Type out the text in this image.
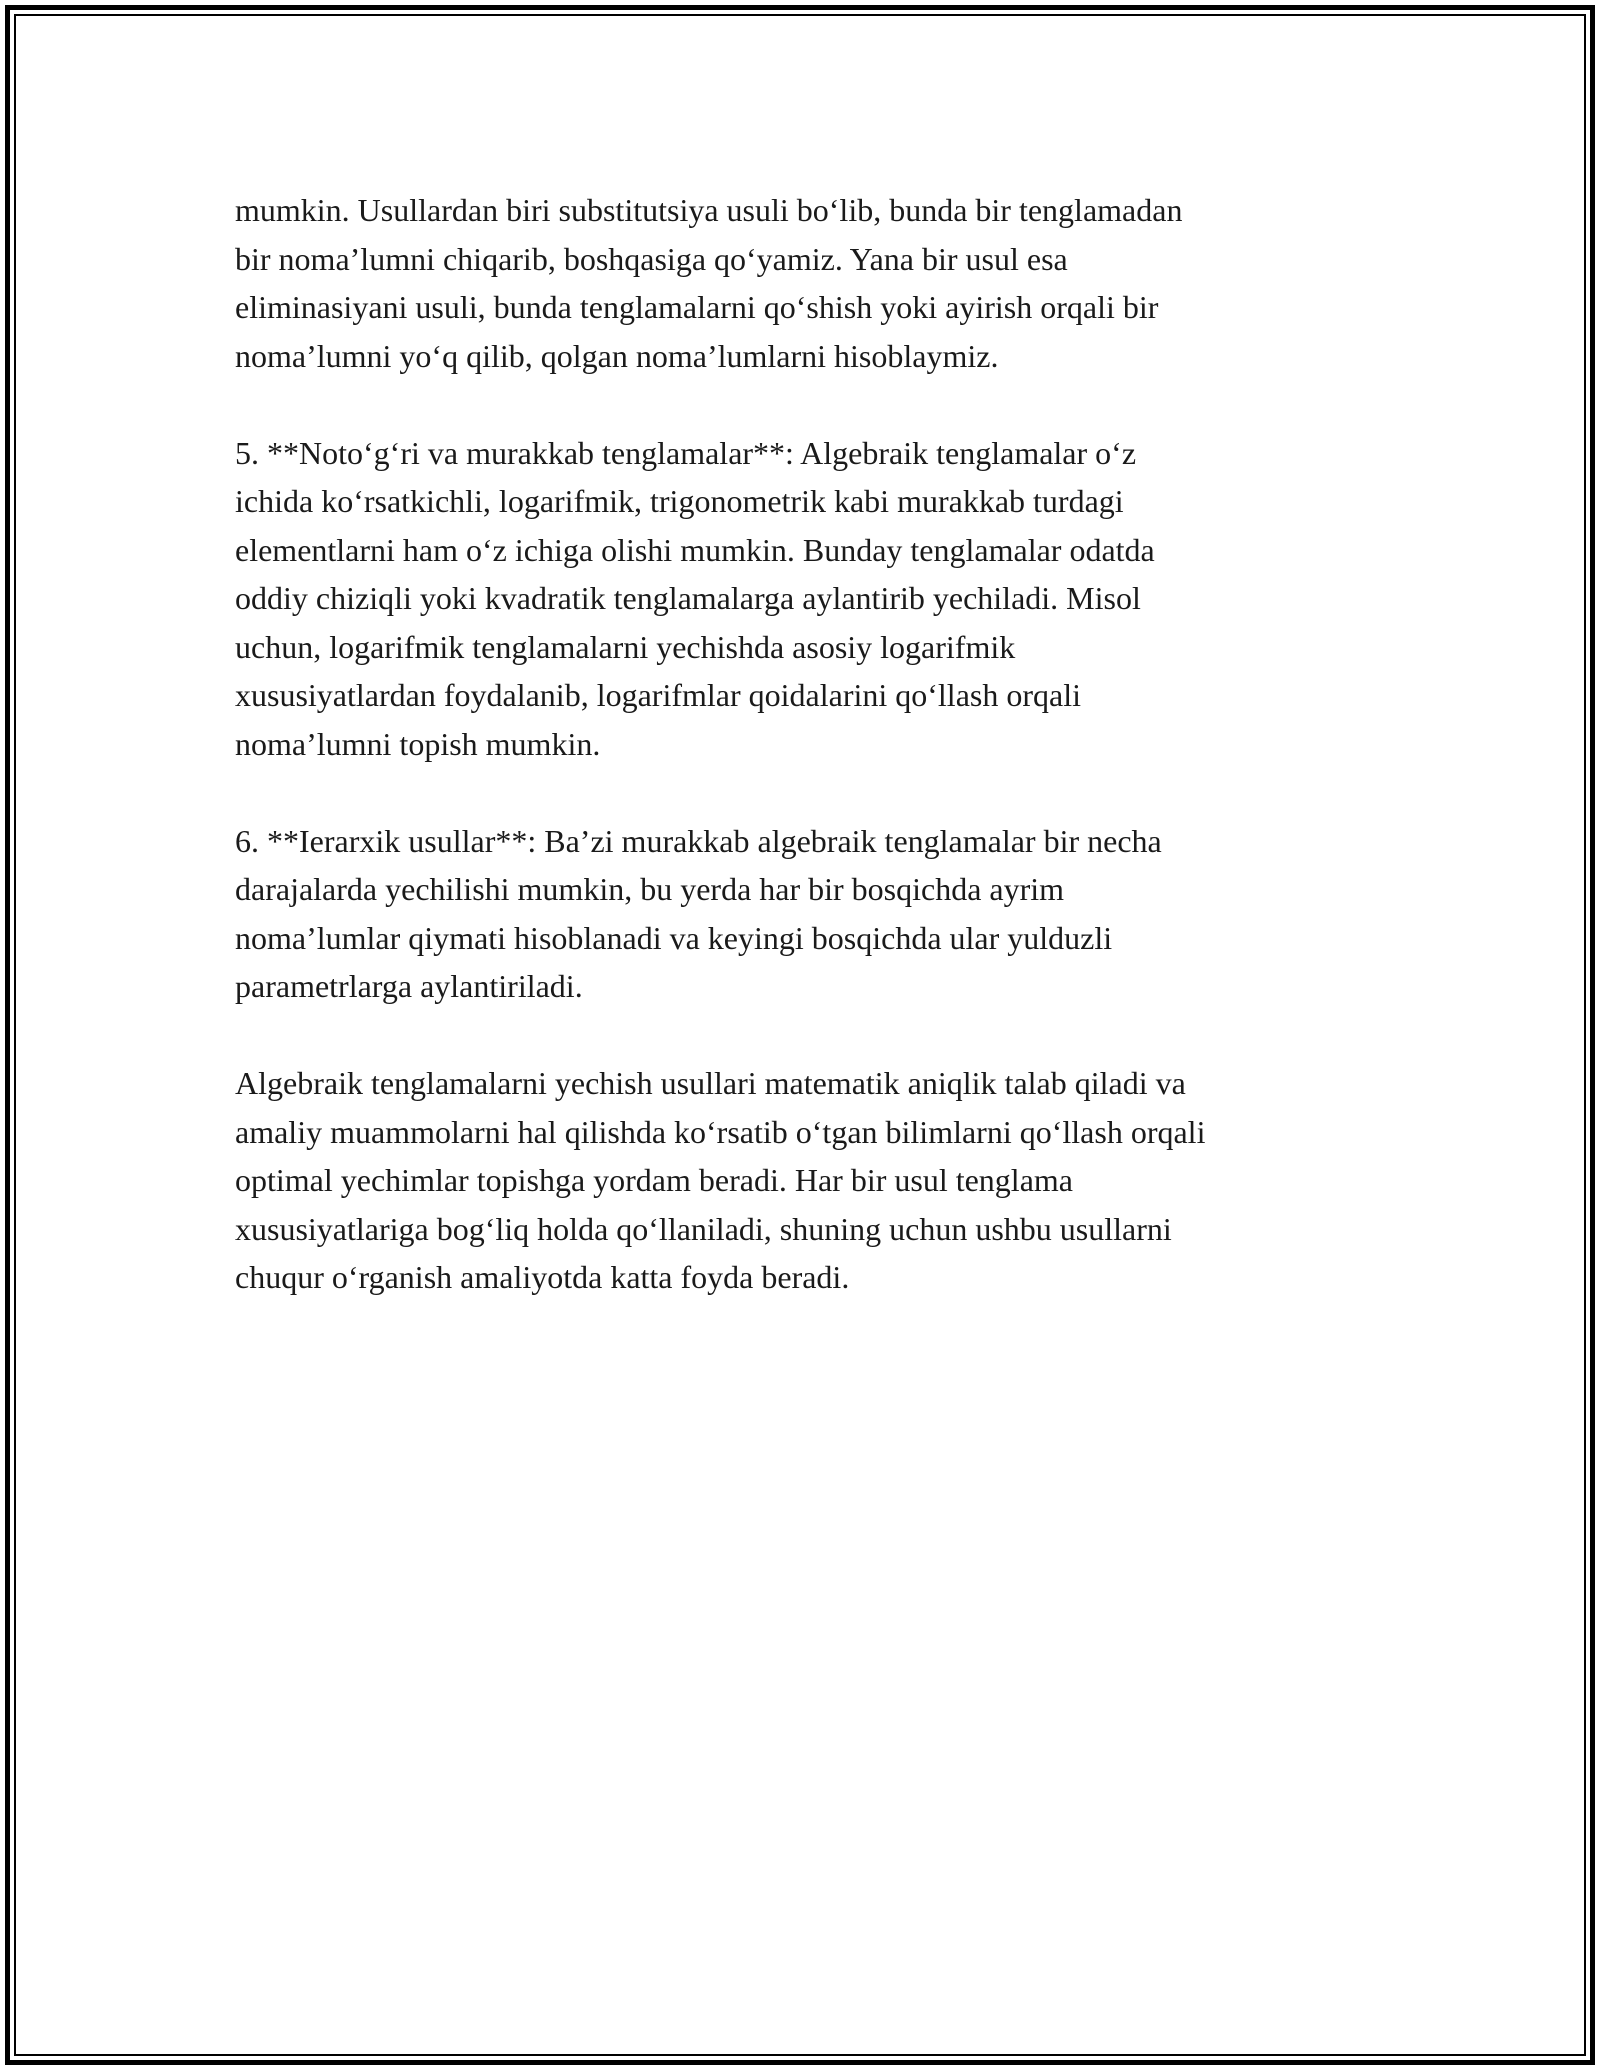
mumkin. Usullardan biri substitutsiya usuli bo‘lib, bunda bir tenglamadan
bir noma’lumni chiqarib, boshqasiga qo‘yamiz. Yana bir usul esa
eliminasiyani usuli, bunda tenglamalarni qo‘shish yoki ayirish orqali bir
noma’lumni yo‘q qilib, qolgan noma’lumlarni hisoblaymiz.

5. **Noto‘g‘ri va murakkab tenglamalar**: Algebraik tenglamalar o‘z
ichida ko‘rsatkichli, logarifmik, trigonometrik kabi murakkab turdagi
elementlarni ham o‘z ichiga olishi mumkin. Bunday tenglamalar odatda
oddiy chiziqli yoki kvadratik tenglamalarga aylantirib yechiladi. Misol
uchun, logarifmik tenglamalarni yechishda asosiy logarifmik
xususiyatlardan foydalanib, logarifmlar qoidalarini qo‘llash orqali
noma’lumni topish mumkin.

6. **Ierarxik usullar**: Ba’zi murakkab algebraik tenglamalar bir necha
darajalarda yechilishi mumkin, bu yerda har bir bosqichda ayrim
noma’lumlar qiymati hisoblanadi va keyingi bosqichda ular yulduzli
parametrlarga aylantiriladi.

Algebraik tenglamalarni yechish usullari matematik aniqlik talab qiladi va
amaliy muammolarni hal qilishda ko‘rsatib o‘tgan bilimlarni qo‘llash orqali
optimal yechimlar topishga yordam beradi. Har bir usul tenglama
xususiyatlariga bog‘liq holda qo‘llaniladi, shuning uchun ushbu usullarni
chuqur o‘rganish amaliyotda katta foyda beradi.
